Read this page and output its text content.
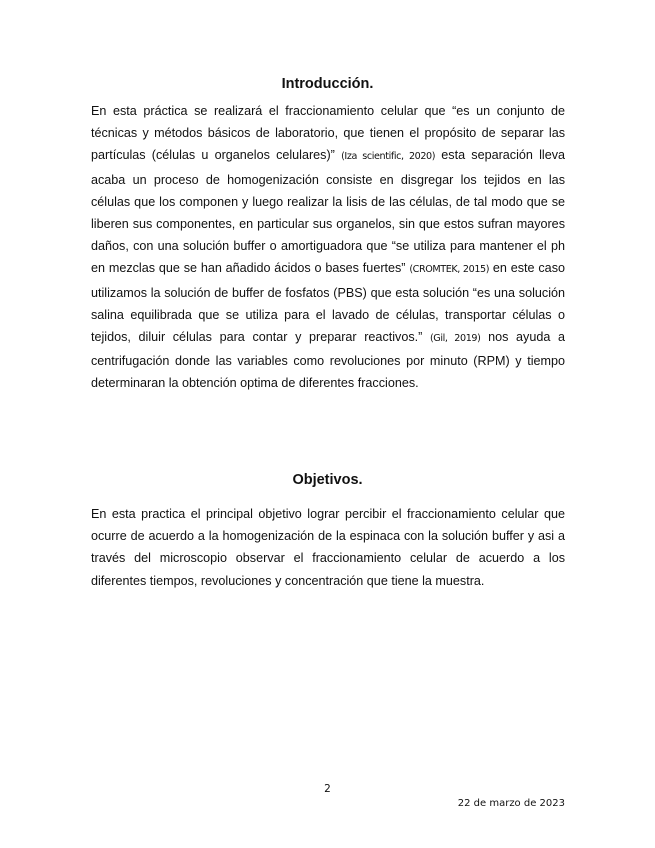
Introducción.

En esta práctica se realizará el fraccionamiento celular que “es un conjunto de técnicas y métodos básicos de laboratorio, que tienen el propósito de separar las partículas (células u organelos celulares)” (Iza scientific, 2020) esta separación lleva acaba un proceso de homogenización consiste en disgregar los tejidos en las células que los componen y luego realizar la lisis de las células, de tal modo que se liberen sus componentes, en particular sus organelos, sin que estos sufran mayores daños, con una solución buffer o amortiguadora que “se utiliza para mantener el ph en mezclas que se han añadido ácidos o bases fuertes” (CROMTEK, 2015) en este caso utilizamos la solución de buffer de fosfatos (PBS) que esta solución “es una solución salina equilibrada que se utiliza para el lavado de células, transportar células o tejidos, diluir células para contar y preparar reactivos.” (Gil, 2019) nos ayuda a centrifugación donde las variables como revoluciones por minuto (RPM) y tiempo determinaran la obtención optima de diferentes fracciones.

Objetivos.

En esta practica el principal objetivo lograr percibir el fraccionamiento celular que ocurre de acuerdo a la homogenización de la espinaca con la solución buffer y asi a través del microscopio observar el fraccionamiento celular de acuerdo a los diferentes tiempos, revoluciones y concentración que tiene la muestra.

2
22 de marzo de 2023
